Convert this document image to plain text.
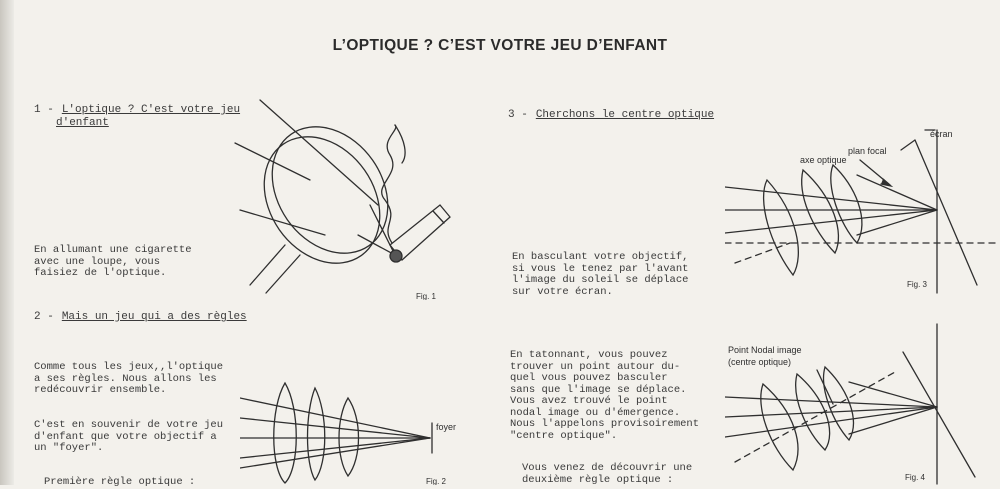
L’OPTIQUE ? C’EST VOTRE JEU D’ENFANT
1 - L'optique ? C'est votre jeu
d'enfant
En allumant une cigarette
avec une loupe, vous
faisiez de l'optique.
2 - Mais un jeu qui a des règles
Comme tous les jeux,,l'optique
a ses règles. Nous allons les
redécouvrir ensemble.
C'est en souvenir de votre jeu
d'enfant que votre objectif a
un "foyer".
Première règle optique :
3 - Cherchons le centre optique
En basculant votre objectif,
si vous le tenez par l'avant
l'image du soleil se déplace
sur votre écran.
En tatonnant, vous pouvez
trouver un point autour du-
quel vous pouvez basculer
sans que l'image se déplace.
Vous avez trouvé le point
nodal image ou d'émergence.
Nous l'appelons provisoirement
"centre optique".
Vous venez de découvrir une
deuxième règle optique :
Fig. 1
foyer
Fig. 2
écran
plan focal
axe optique
Fig. 3
Point Nodal image
(centre optique)
Fig. 4
